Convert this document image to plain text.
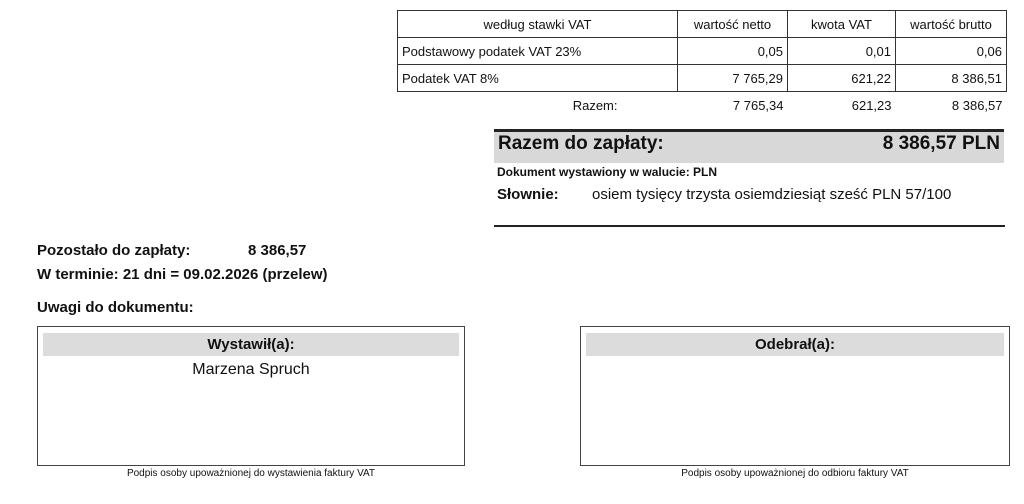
według stawki VAT	wartość netto	kwota VAT	wartość brutto
Podstawowy podatek VAT 23%	0,05	0,01	0,06
Podatek VAT 8%	7 765,29	621,22	8 386,51
Razem:	7 765,34	621,23	8 386,57
Razem do zapłaty:	8 386,57 PLN
Dokument wystawiony w walucie: PLN
Słownie: osiem tysięcy trzysta osiemdziesiąt sześć PLN 57/100
Pozostało do zapłaty:	8 386,57
W terminie: 21 dni = 09.02.2026 (przelew)
Uwagi do dokumentu:
Wystawił(a):
Marzena Spruch
Podpis osoby upoważnionej do wystawienia faktury VAT
Odebrał(a):
Podpis osoby upoważnionej do odbioru faktury VAT
